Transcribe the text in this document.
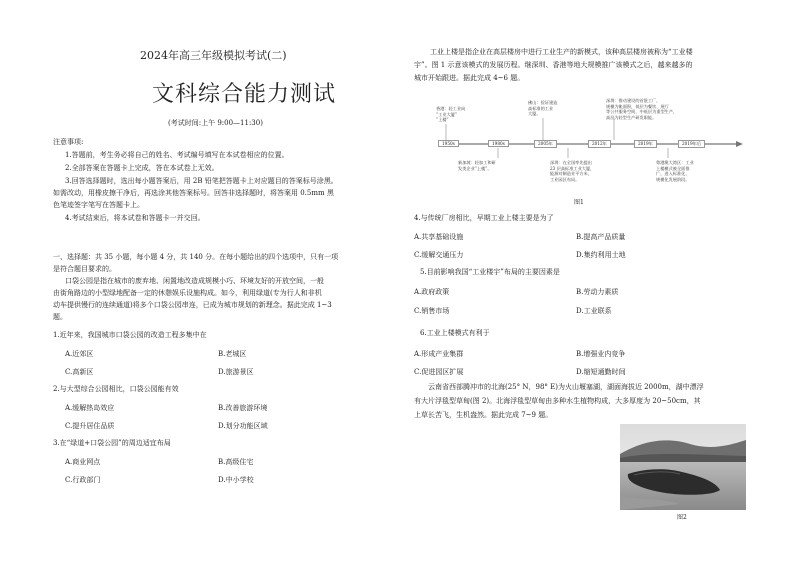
2024年高三年级模拟考试(二)
文科综合能力测试
(考试时间:上午 9:00—11:30)
注意事项:
1.答题前，考生务必将自己的姓名、考试编号填写在本试卷相应的位置。
2.全部答案在答题卡上完成，答在本试卷上无效。
3.回答选择题时，选出每小题答案后，用 2B 铅笔把答题卡上对应题目的答案标号涂黑。
如需改动，用橡皮擦干净后，再选涂其他答案标号。回答非选择题时，将答案用 0.5mm 黑
色笔迹签字笔写在答题卡上。
4.考试结束后，将本试卷和答题卡一并交回。
一、选择题：共 35 小题，每小题 4 分，共 140 分。在每小题给出的四个选项中，只有一项
是符合题目要求的。
口袋公园是指在城市的废弃地、闲置地改造成规模小巧、环境友好的开放空间，一般
由街角路边的小型绿地配备一定的休憩娱乐设施构成。如今，利用绿道(专为行人和非机
动车提供慢行的连续通道)将多个口袋公园串连，已成为城市规划的新理念。据此完成 1~3
题。
1.近年来，我国城市口袋公园的改造工程多集中在
A.近郊区	B.老城区
C.高新区	D.旅游景区
2.与大型综合公园相比，口袋公园能有效
A.缓解热岛效应	B.改善旅游环境
C.提升居住品质	D.划分功能区域
3.在“绿道+口袋公园”的周边适宜布局
A.商业网点	B.高级住宅
C.行政部门	D.中小学校
工业上楼是指企业在高层楼房中进行工业生产的新模式，该种高层楼房被称为“工业楼
宇”。图 1 示意该模式的发展历程。继深圳、香港等地大规模推广该模式之后，越来越多的
城市开始跟进。据此完成 4~6 题。
香港：轻工业向
“工业大厦”
“上楼”
佛山：验证建造
高标准的工业
大厦。
深圳：推动建设的首批工厂，
规模为帐面积，低层为餐饮、展厅
等公共服务空间，中低层为重型生产，
高层为轻型生产研发职能。
1950s	1980s	2005年	2012年	2019年	2019年后
新加坡：轻加工和研
发类企业“上楼”。
深圳：在全国率先提出
23 层高标准工业大厦，
能源对制造业平方米，
工业园区布局。
粤港澳大湾区：工业
上楼模式被全面推
广，进入标准化、
规模化发展阶段。
图1
4.与传统厂房相比，早期工业上楼主要是为了
A.共享基础设施	B.提高产品质量
C.缓解交通压力	D.集约利用土地
5.目前影响我国“工业楼宇”布局的主要因素是
A.政府政策	B.劳动力素质
C.销售市场	D.工业联系
6.工业上楼模式有利于
A.形成产业集群	B.增强业内竞争
C.促进园区扩展	D.缩短通勤时间
云南省西部腾冲市的北海(25° N，98° E)为火山堰塞湖，湖面海拔近 2000m，湖中漂浮
有大片浮毯型草甸(图 2)。北海浮毯型草甸由多种水生植物构成，大多厚度为 20~50cm，其
上草长苦飞，生机盎然。据此完成 7~9 题。
图2
